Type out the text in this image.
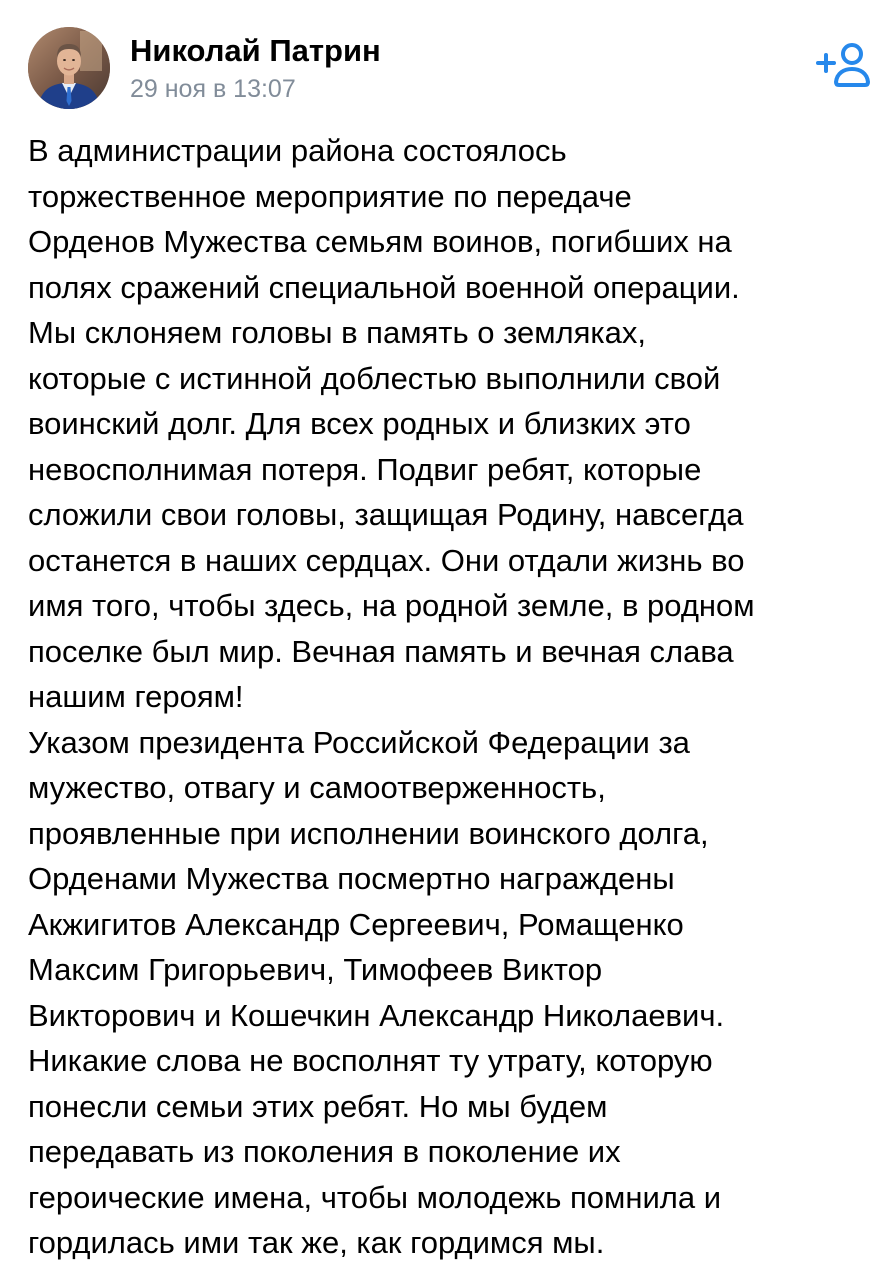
Николай Патрин
29 ноя в 13:07
В администрации района состоялось
торжественное мероприятие по передаче
Орденов Мужества семьям воинов, погибших на
полях сражений специальной военной операции.
Мы склоняем головы в память о земляках,
которые с истинной доблестью выполнили свой
воинский долг. Для всех родных и близких это
невосполнимая потеря. Подвиг ребят, которые
сложили свои головы, защищая Родину, навсегда
останется в наших сердцах. Они отдали жизнь во
имя того, чтобы здесь, на родной земле, в родном
поселке был мир. Вечная память и вечная слава
нашим героям!
Указом президента Российской Федерации за
мужество, отвагу и самоотверженность,
проявленные при исполнении воинского долга,
Орденами Мужества посмертно награждены
Акжигитов Александр Сергеевич, Ромащенко
Максим Григорьевич, Тимофеев Виктор
Викторович и Кошечкин Александр Николаевич.
Никакие слова не восполнят ту утрату, которую
понесли семьи этих ребят. Но мы будем
передавать из поколения в поколение их
героические имена, чтобы молодежь помнила и
гордилась ими так же, как гордимся мы.
